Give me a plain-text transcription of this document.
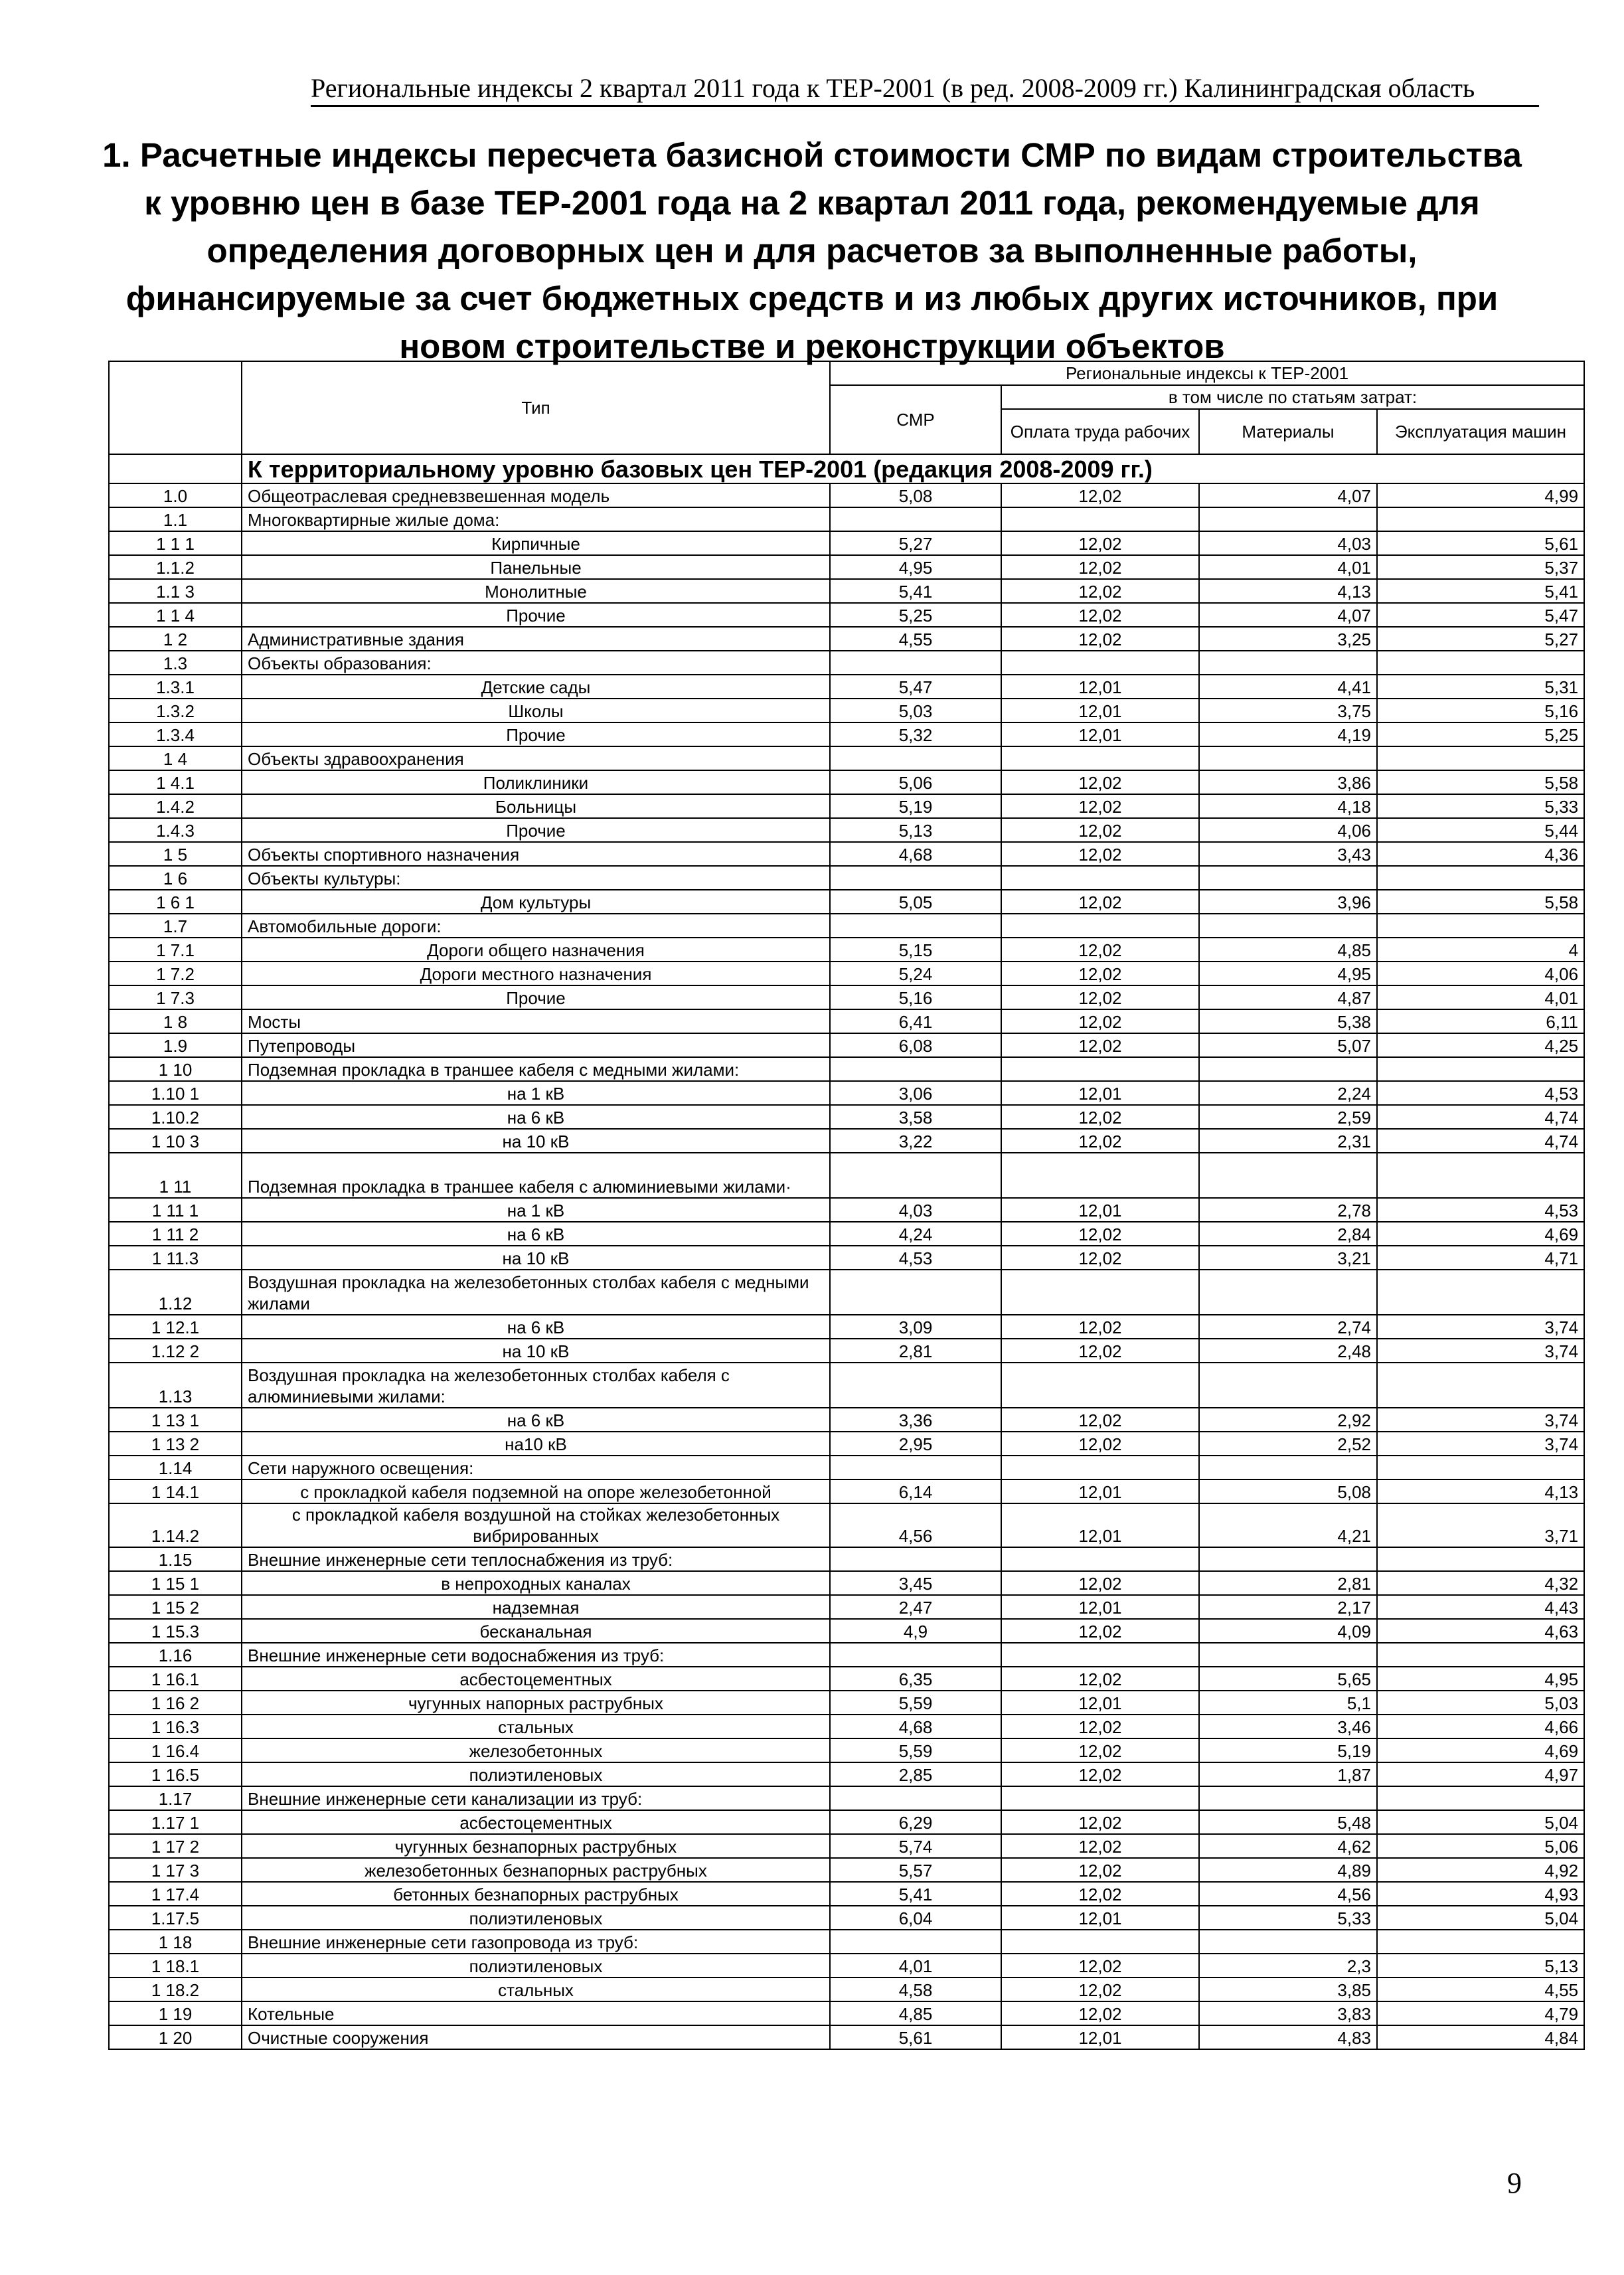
Региональные индексы 2 квартал 2011 года к ТЕР-2001 (в ред. 2008-2009 гг.) Калининградская область
1. Расчетные индексы пересчета базисной стоимости СМР по видам строительства к уровню цен в базе ТЕР-2001 года на 2 квартал 2011 года, рекомендуемые для определения договорных цен и для расчетов за выполненные работы, финансируемые за счет бюджетных средств и из любых других источников, при новом строительстве и реконструкции объектов
	Тип	Региональные индексы к ТЕР-2001			
		СМР	в том числе по статьям затрат:		
			Оплата труда рабочих	Материалы	Эксплуатация машин

	К территориальному уровню базовых цен ТЕР-2001 (редакция 2008-2009 гг.)				
1.0	Общеотраслевая средневзвешенная модель	5,08	12,02	4,07	4,99
1.1	Многоквартирные жилые дома:				
1 1 1	Кирпичные	5,27	12,02	4,03	5,61
1.1.2	Панельные	4,95	12,02	4,01	5,37
1.1 3	Монолитные	5,41	12,02	4,13	5,41
1 1 4	Прочие	5,25	12,02	4,07	5,47
1 2	Административные здания	4,55	12,02	3,25	5,27
1.3	Объекты образования:				
1.3.1	Детские сады	5,47	12,01	4,41	5,31
1.3.2	Школы	5,03	12,01	3,75	5,16
1.3.4	Прочие	5,32	12,01	4,19	5,25
1 4	Объекты здравоохранения				
1 4.1	Поликлиники	5,06	12,02	3,86	5,58
1.4.2	Больницы	5,19	12,02	4,18	5,33
1.4.3	Прочие	5,13	12,02	4,06	5,44
1 5	Объекты спортивного назначения	4,68	12,02	3,43	4,36
1 6	Объекты культуры:				
1 6 1	Дом культуры	5,05	12,02	3,96	5,58
1.7	Автомобильные дороги:				
1 7.1	Дороги общего назначения	5,15	12,02	4,85	4
1 7.2	Дороги местного назначения	5,24	12,02	4,95	4,06
1 7.3	Прочие	5,16	12,02	4,87	4,01
1 8	Мосты	6,41	12,02	5,38	6,11
1.9	Путепроводы	6,08	12,02	5,07	4,25
1 10	Подземная прокладка в траншее кабеля с медными жилами:				
1.10 1	на 1 кВ	3,06	12,01	2,24	4,53
1.10.2	на 6 кВ	3,58	12,02	2,59	4,74
1 10 3	на 10 кВ	3,22	12,02	2,31	4,74
1 11	Подземная прокладка в траншее кабеля с алюминиевыми жилами·				
1 11 1	на 1 кВ	4,03	12,01	2,78	4,53
1 11 2	на 6 кВ	4,24	12,02	2,84	4,69
1 11.3	на 10 кВ	4,53	12,02	3,21	4,71
1.12	Воздушная прокладка на железобетонных столбах кабеля с медными жилами				
1 12.1	на 6 кВ	3,09	12,02	2,74	3,74
1.12 2	на 10 кВ	2,81	12,02	2,48	3,74
1.13	Воздушная прокладка на железобетонных столбах кабеля с алюминиевыми жилами:				
1 13 1	на 6 кВ	3,36	12,02	2,92	3,74
1 13 2	на10 кВ	2,95	12,02	2,52	3,74
1.14	Сети наружного освещения:				
1 14.1	с прокладкой кабеля подземной на опоре железобетонной	6,14	12,01	5,08	4,13
1.14.2	с прокладкой кабеля воздушной на стойках железобетонных вибрированных	4,56	12,01	4,21	3,71
1.15	Внешние инженерные сети теплоснабжения из труб:				
1 15 1	в непроходных каналах	3,45	12,02	2,81	4,32
1 15 2	надземная	2,47	12,01	2,17	4,43
1 15.3	бесканальная	4,9	12,02	4,09	4,63
1.16	Внешние инженерные сети водоснабжения из труб:				
1 16.1	асбестоцементных	6,35	12,02	5,65	4,95
1 16 2	чугунных напорных раструбных	5,59	12,01	5,1	5,03
1 16.3	стальных	4,68	12,02	3,46	4,66
1 16.4	железобетонных	5,59	12,02	5,19	4,69
1 16.5	полиэтиленовых	2,85	12,02	1,87	4,97
1.17	Внешние инженерные сети канализации из труб:				
1.17 1	асбестоцементных	6,29	12,02	5,48	5,04
1 17 2	чугунных безнапорных раструбных	5,74	12,02	4,62	5,06
1 17 3	железобетонных безнапорных раструбных	5,57	12,02	4,89	4,92
1 17.4	бетонных безнапорных раструбных	5,41	12,02	4,56	4,93
1.17.5	полиэтиленовых	6,04	12,01	5,33	5,04
1 18	Внешние инженерные сети газопровода из труб:				
1 18.1	полиэтиленовых	4,01	12,02	2,3	5,13
1 18.2	стальных	4,58	12,02	3,85	4,55
1 19	Котельные	4,85	12,02	3,83	4,79
1 20	Очистные сооружения	5,61	12,01	4,83	4,84
9
